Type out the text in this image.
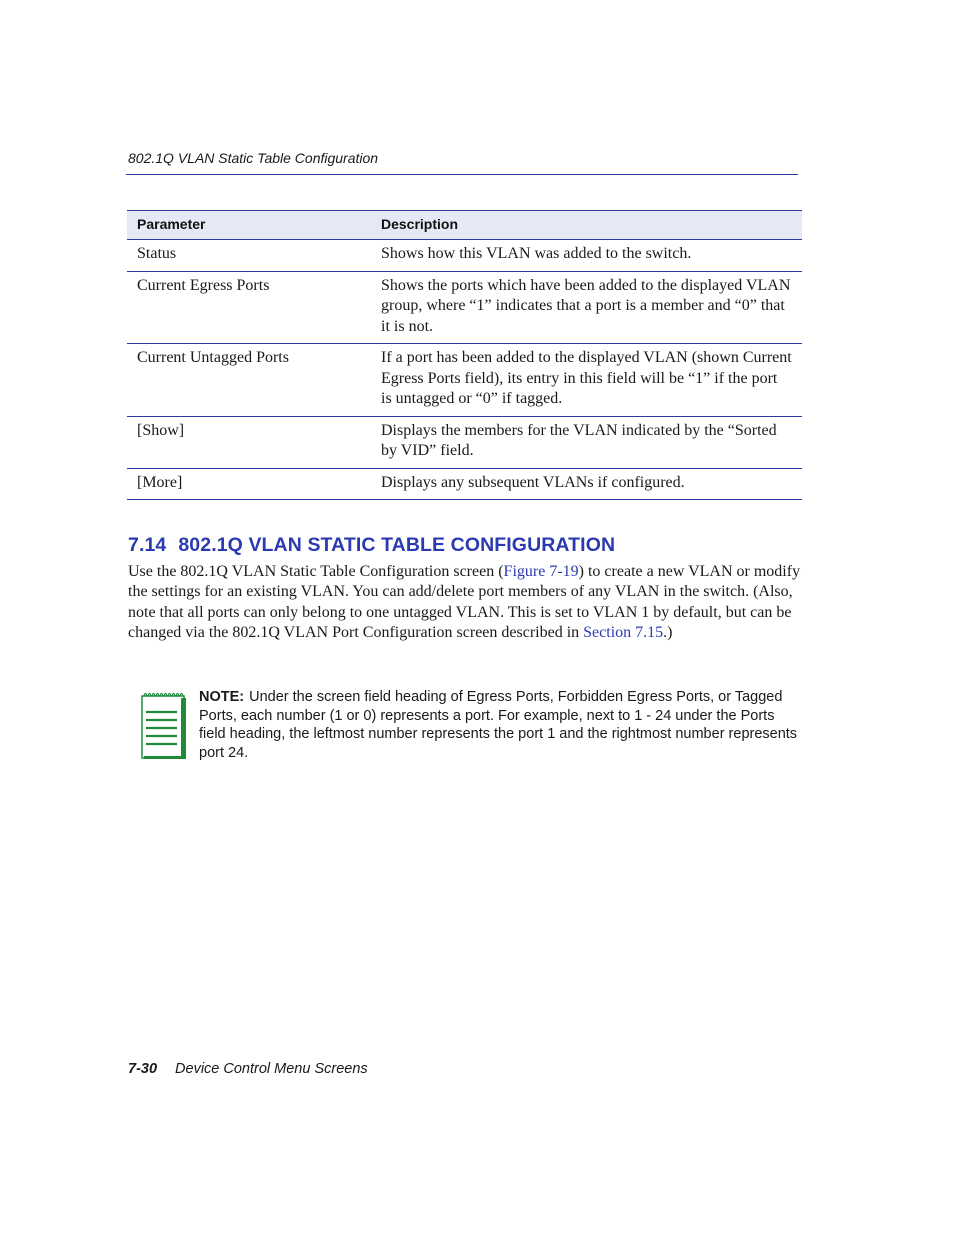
802.1Q VLAN Static Table Configuration
Parameter	Description
Status	Shows how this VLAN was added to the switch.
Current Egress Ports	Shows the ports which have been added to the displayed VLAN group, where “1” indicates that a port is a member and “0” that it is not.
Current Untagged Ports	If a port has been added to the displayed VLAN (shown Current Egress Ports field), its entry in this field will be “1” if the port is untagged or “0” if tagged.
[Show]	Displays the members for the VLAN indicated by the “Sorted by VID” field.
[More]	Displays any subsequent VLANs if configured.
7.14 802.1Q VLAN STATIC TABLE CONFIGURATION
Use the 802.1Q VLAN Static Table Configuration screen (Figure 7-19) to create a new VLAN or modify the settings for an existing VLAN. You can add/delete port members of any VLAN in the switch. (Also, note that all ports can only belong to one untagged VLAN. This is set to VLAN 1 by default, but can be changed via the 802.1Q VLAN Port Configuration screen described in Section 7.15.)
NOTE: Under the screen field heading of Egress Ports, Forbidden Egress Ports, or Tagged Ports, each number (1 or 0) represents a port. For example, next to 1 - 24 under the Ports field heading, the leftmost number represents the port 1 and the rightmost number represents port 24.
7-30 Device Control Menu Screens
